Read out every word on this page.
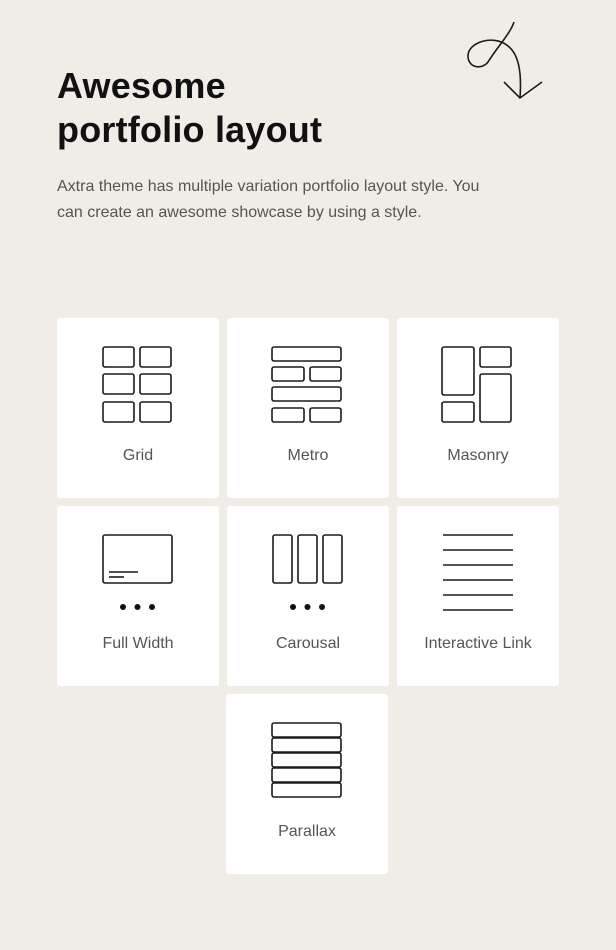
Awesome
portfolio layout

Axtra theme has multiple variation portfolio layout style. You can create an awesome showcase by using a style.

Grid	Metro	Masonry
Full Width	Carousal	Interactive Link
Parallax
